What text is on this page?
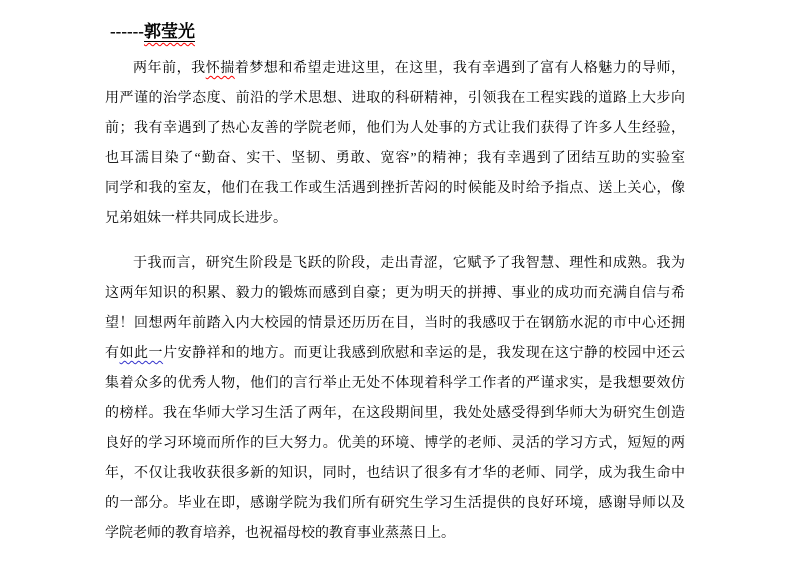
------郭莹光
两年前，我怀揣着梦想和希望走进这里，在这里，我有幸遇到了富有人格魅力的导师，
用严谨的治学态度、前沿的学术思想、进取的科研精神，引领我在工程实践的道路上大步向
前；我有幸遇到了热心友善的学院老师，他们为人处事的方式让我们获得了许多人生经验，
也耳濡目染了“勤奋、实干、坚韧、勇敢、宽容”的精神；我有幸遇到了团结互助的实验室
同学和我的室友，他们在我工作或生活遇到挫折苦闷的时候能及时给予指点、送上关心，像
兄弟姐妹一样共同成长进步。
于我而言，研究生阶段是飞跃的阶段，走出青涩，它赋予了我智慧、理性和成熟。我为
这两年知识的积累、毅力的锻炼而感到自豪；更为明天的拼搏、事业的成功而充满自信与希
望！回想两年前踏入内大校园的情景还历历在目，当时的我感叹于在钢筋水泥的市中心还拥
有如此一片安静祥和的地方。而更让我感到欣慰和幸运的是，我发现在这宁静的校园中还云
集着众多的优秀人物，他们的言行举止无处不体现着科学工作者的严谨求实，是我想要效仿
的榜样。我在华师大学习生活了两年，在这段期间里，我处处感受得到华师大为研究生创造
良好的学习环境而所作的巨大努力。优美的环境、博学的老师、灵活的学习方式，短短的两
年，不仅让我收获很多新的知识，同时，也结识了很多有才华的老师、同学，成为我生命中
的一部分。毕业在即，感谢学院为我们所有研究生学习生活提供的良好环境，感谢导师以及
学院老师的教育培养，也祝福母校的教育事业蒸蒸日上。
